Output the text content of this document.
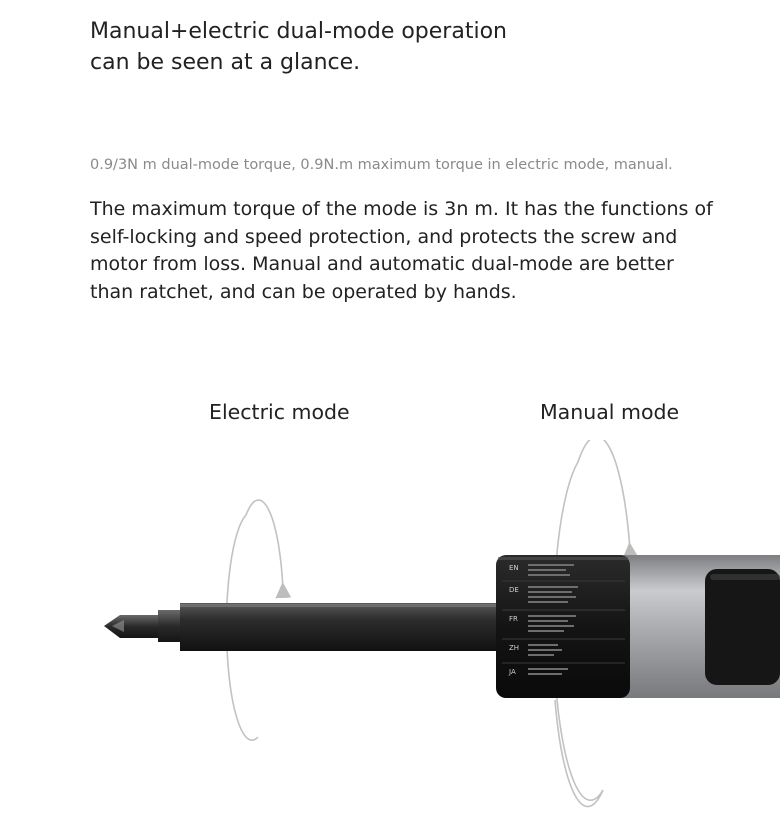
Manual+electric dual-mode operation
can be seen at a glance.
0.9/3N m dual-mode torque, 0.9N.m maximum torque in electric mode, manual.
The maximum torque of the mode is 3n m. It has the functions of
self-locking and speed protection, and protects the screw and
motor from loss. Manual and automatic dual-mode are better
than ratchet, and can be operated by hands.
Electric mode	Manual mode
EN
DE
FR
ZH
JA
